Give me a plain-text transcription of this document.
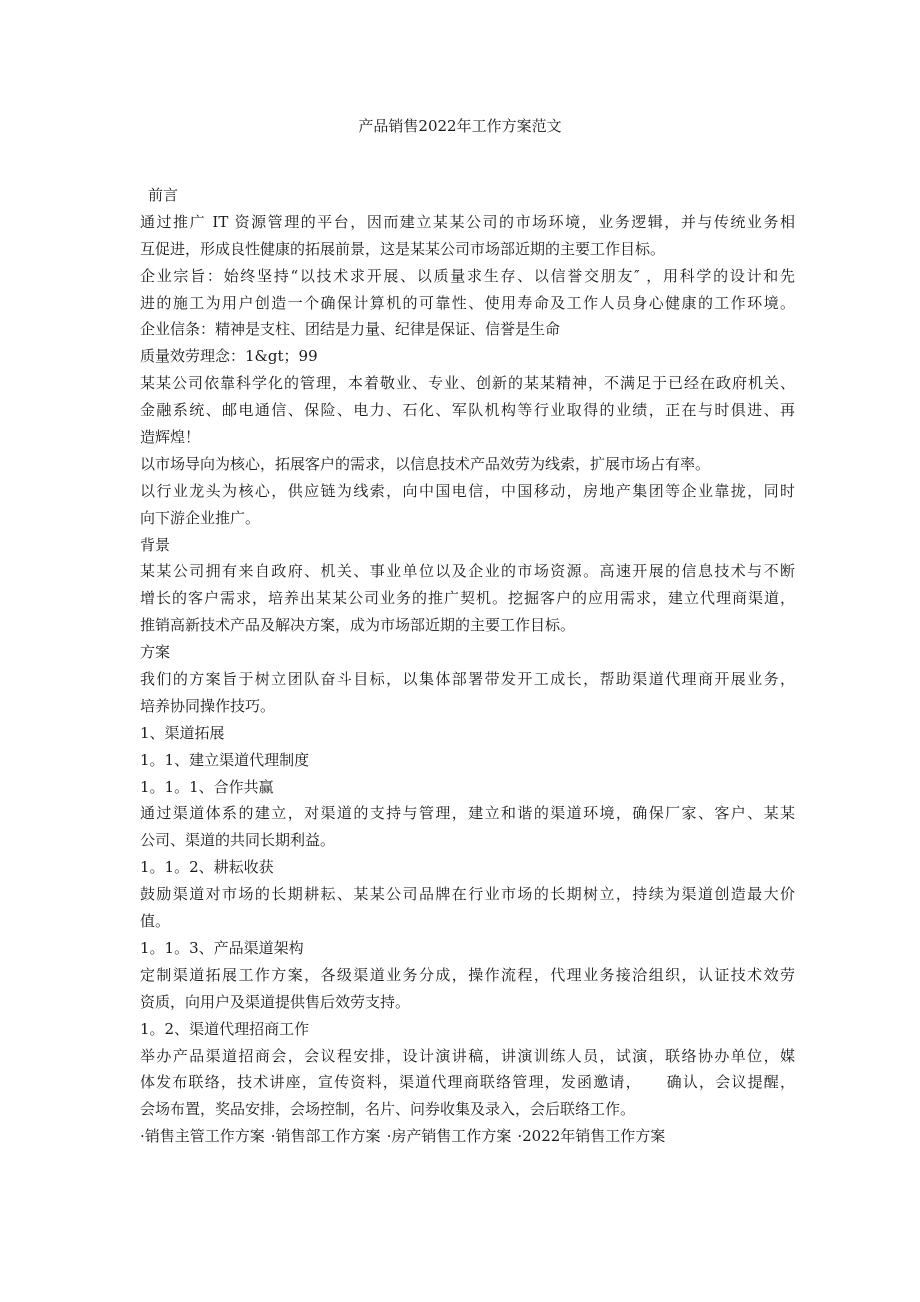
产品销售2022年工作方案范文
前言
通过推广 IT 资源管理的平台，因而建立某某公司的市场环境，业务逻辑，并与传统业务相
互促进，形成良性健康的拓展前景，这是某某公司市场部近期的主要工作目标。
企业宗旨：始终坚持“以技术求开展、以质量求生存、以信誉交朋友″ ，用科学的设计和先
进的施工为用户创造一个确保计算机的可靠性、使用寿命及工作人员身心健康的工作环境。
企业信条：精神是支柱、团结是力量、纪律是保证、信誉是生命
质量效劳理念：1&gt；99
某某公司依靠科学化的管理，本着敬业、专业、创新的某某精神，不满足于已经在政府机关、
金融系统、邮电通信、保险、电力、石化、军队机构等行业取得的业绩，正在与时俱进、再
造辉煌！
以市场导向为核心，拓展客户的需求，以信息技术产品效劳为线索，扩展市场占有率。
以行业龙头为核心，供应链为线索，向中国电信，中国移动，房地产集团等企业靠拢，同时
向下游企业推广。
背景
某某公司拥有来自政府、机关、事业单位以及企业的市场资源。高速开展的信息技术与不断
增长的客户需求，培养出某某公司业务的推广契机。挖掘客户的应用需求，建立代理商渠道，
推销高新技术产品及解决方案，成为市场部近期的主要工作目标。
方案
我们的方案旨于树立团队奋斗目标，以集体部署带发开工成长，帮助渠道代理商开展业务，
培养协同操作技巧。
1、渠道拓展
1。1、建立渠道代理制度
1。1。1、合作共赢
通过渠道体系的建立，对渠道的支持与管理，建立和谐的渠道环境，确保厂家、客户、某某
公司、渠道的共同长期利益。
1。1。2、耕耘收获
鼓励渠道对市场的长期耕耘、某某公司品牌在行业市场的长期树立，持续为渠道创造最大价
值。
1。1。3、产品渠道架构
定制渠道拓展工作方案，各级渠道业务分成，操作流程，代理业务接洽组织，认证技术效劳
资质，向用户及渠道提供售后效劳支持。
1。2、渠道代理招商工作
举办产品渠道招商会，会议程安排，设计演讲稿，讲演训练人员，试演，联络协办单位，媒
体发布联络，技术讲座，宣传资料，渠道代理商联络管理，发函邀请，　　确认，会议提醒，
会场布置，奖品安排，会场控制，名片、问券收集及录入，会后联络工作。
·销售主管工作方案 ·销售部工作方案 ·房产销售工作方案 ·2022年销售工作方案
